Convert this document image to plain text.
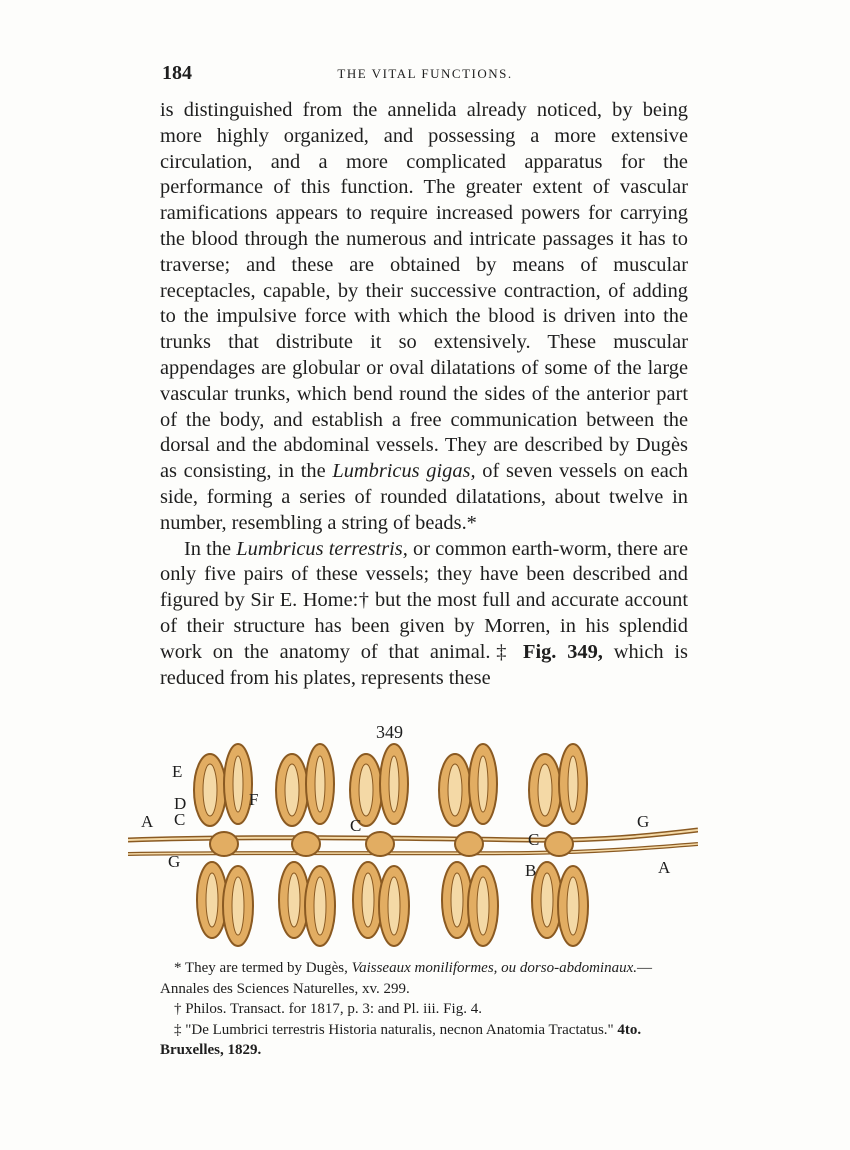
184	THE VITAL FUNCTIONS.

is distinguished from the annelida already noticed, by being more highly organized, and possessing a more extensive circulation, and a more complicated apparatus for the performance of this function. The greater extent of vascular ramifications appears to require increased powers for carrying the blood through the numerous and intricate passages it has to traverse; and these are obtained by means of muscular receptacles, capable, by their successive contraction, of adding to the impulsive force with which the blood is driven into the trunks that distribute it so extensively. These muscular appendages are globular or oval dilatations of some of the large vascular trunks, which bend round the sides of the anterior part of the body, and establish a free communication between the dorsal and the abdominal vessels. They are described by Dugès as consisting, in the Lumbricus gigas, of seven vessels on each side, forming a series of rounded dilatations, about twelve in number, resembling a string of beads.*

In the Lumbricus terrestris, or common earth-worm, there are only five pairs of these vessels; they have been described and figured by Sir E. Home:† but the most full and accurate account of their structure has been given by Morren, in his splendid work on the anatomy of that animal.‡ Fig. 349, which is reduced from his plates, represents these

349
E
D
C
F
A
G
C
C
B
G
A

* They are termed by Dugès, Vaisseaux moniliformes, ou dorso-abdominaux.—Annales des Sciences Naturelles, xv. 299.

† Philos. Transact. for 1817, p. 3: and Pl. iii. Fig. 4.

‡ "De Lumbrici terrestris Historia naturalis, necnon Anatomia Tractatus." 4to. Bruxelles, 1829.
